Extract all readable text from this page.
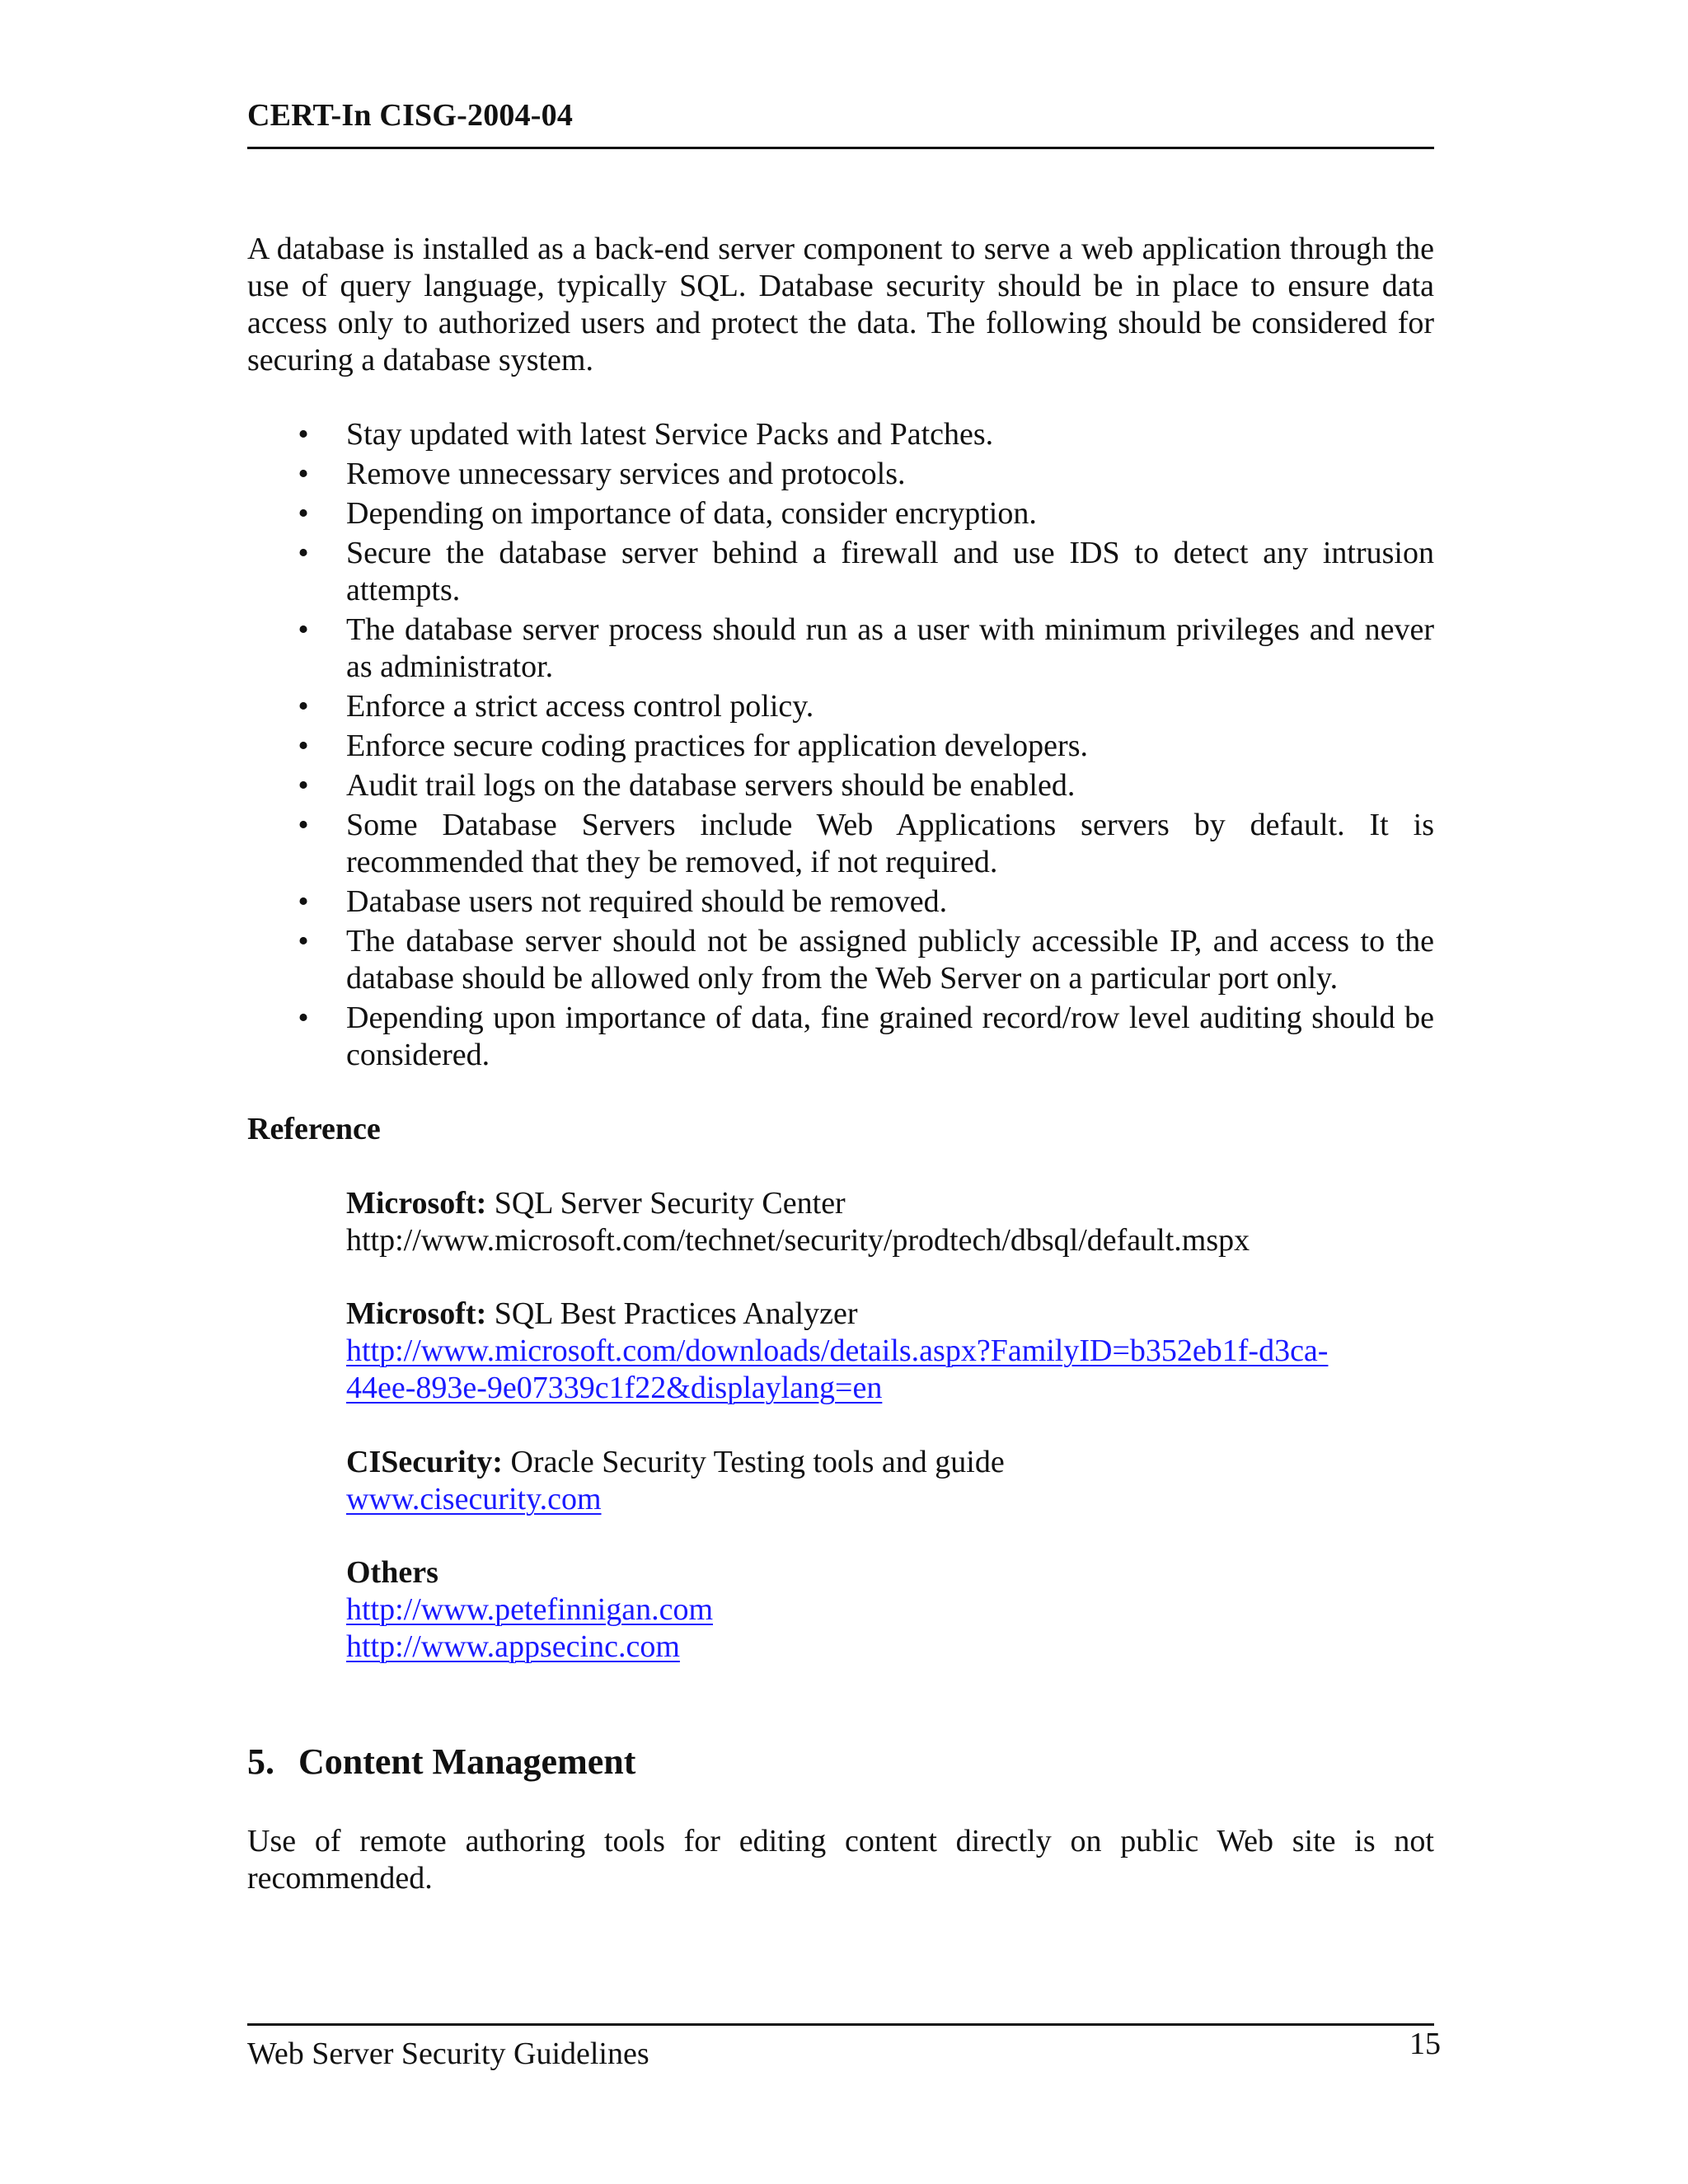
CERT-In CISG-2004-04

A database is installed as a back-end server component to serve a web application through the use of query language, typically SQL. Database security should be in place to ensure data access only to authorized users and protect the data. The following should be considered for securing a database system.

• Stay updated with latest Service Packs and Patches.
• Remove unnecessary services and protocols.
• Depending on importance of data, consider encryption.
• Secure the database server behind a firewall and use IDS to detect any intrusion attempts.
• The database server process should run as a user with minimum privileges and never as administrator.
• Enforce a strict access control policy.
• Enforce secure coding practices for application developers.
• Audit trail logs on the database servers should be enabled.
• Some Database Servers include Web Applications servers by default. It is recommended that they be removed, if not required.
• Database users not required should be removed.
• The database server should not be assigned publicly accessible IP, and access to the database should be allowed only from the Web Server on a particular port only.
• Depending upon importance of data, fine grained record/row level auditing should be considered.
Reference
Microsoft: SQL Server Security Center
http://www.microsoft.com/technet/security/prodtech/dbsql/default.mspx
Microsoft: SQL Best Practices Analyzer
http://www.microsoft.com/downloads/details.aspx?FamilyID=b352eb1f-d3ca-
44ee-893e-9e07339c1f22&displaylang=en
CISecurity: Oracle Security Testing tools and guide
www.cisecurity.com
Others
http://www.petefinnigan.com
http://www.appsecinc.com
5. Content Management

Use of remote authoring tools for editing content directly on public Web site is not recommended.

Web Server Security Guidelines	15
